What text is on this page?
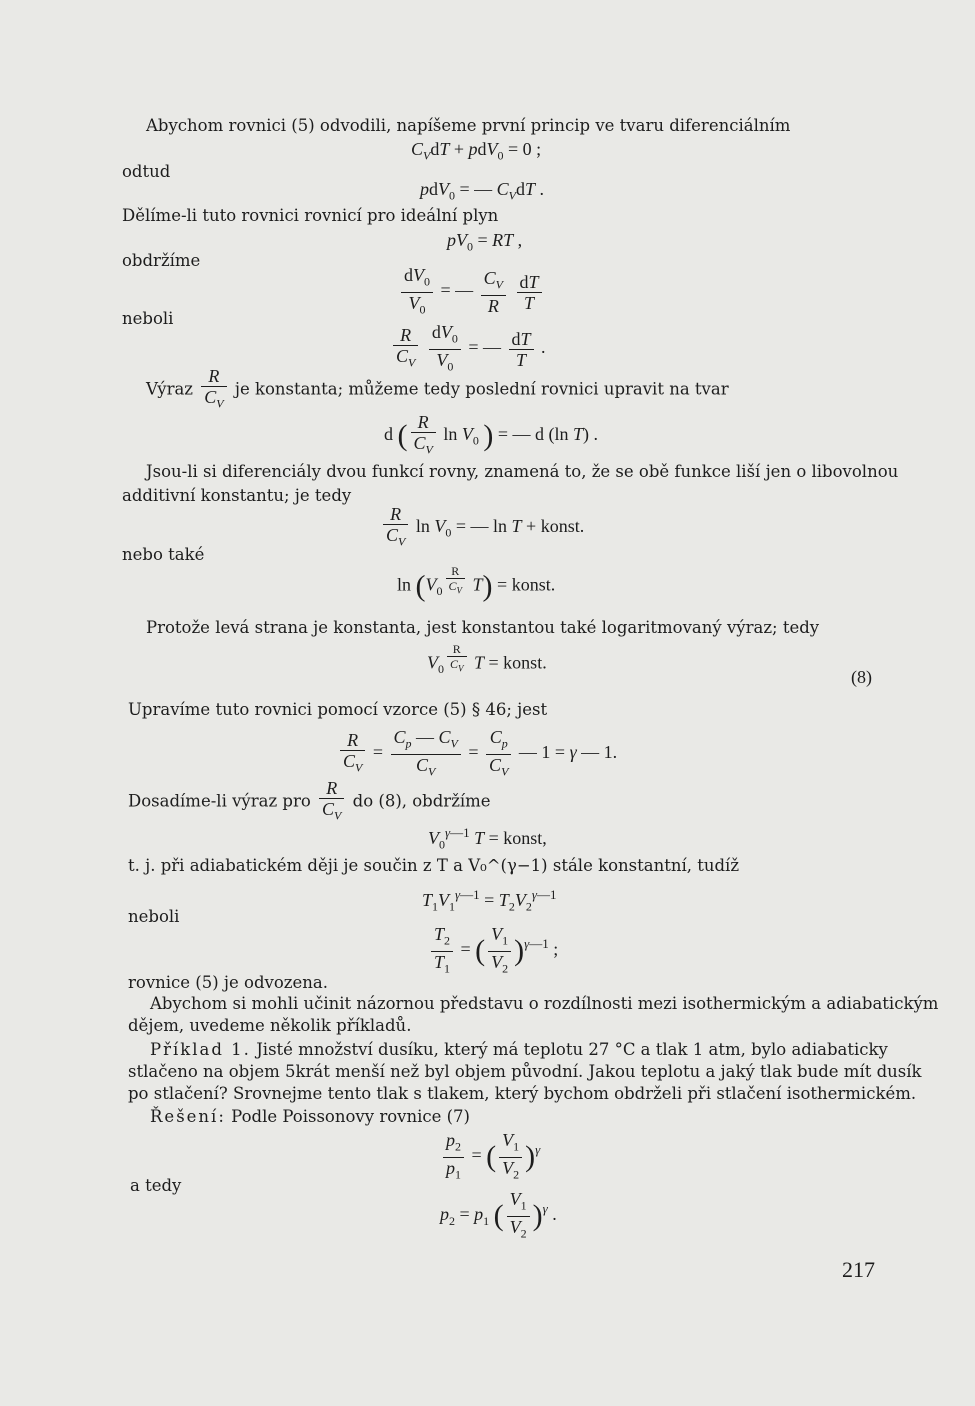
Abychom rovnici (5) odvodili, napíšeme první princip ve tvaru diferenciálním
$C_VdT + pdV_0 = 0$ ;
odtud
pdV$_0$ = — $C_VdT$ .
Dělíme-li tuto rovnici rovnicí pro ideální plyn
$pV_0$ = RT ,
obdržíme
$\frac{dV_0}{V_0}$ = — $\frac{C_V}{R}$
$\frac{dT}{T}$
neboli
$\frac{R}{C_V}$
$\frac{dV_0}{V_0}$ = — $\frac{dT}{T}$ .
Výraz $\frac{R}{C_V}$ je konstanta; můžeme tedy poslední rovnici upravit na tvar
d ( $\frac{R}{C_V}$ $\ln V_0$ ) = — d (ln T) .
Jsou-li si diferenciály dvou funkcí rovny, znamená to, že se obě funkce liší jen o libovolnou
additivní konstantu; je tedy
$\frac{R}{C_V}$ $\ln V_0$ = — ln T + konst.
nebo také
$\ln (V_0$ $^{\frac{R}{C_V}}$ T) = konst.
Protože levá strana je konstanta, jest konstantou také logaritmovaný výraz; tedy
$V_0$ $^{\frac{R}{C_V}}$ T = konst.
(8)
Upravíme tuto rovnici pomocí vzorce (5) § 46; jest
$\frac{R}{C_V} = \frac{C_p — C_V}{C_V} = \frac{C_p}{C_V}$ — 1 = γ — 1.
Dosadíme-li výraz pro $\frac{R}{C_V}$ do (8), obdržíme
$V_0^{\gamma—1}$ T = konst,
t. j. při adiabatickém ději je součin z T a V₀^(γ−1) stále konstantní, tudíž
$T_1V_1^{\gamma—1} = T_2V_2^{\gamma—1}$
neboli
$\frac{T_2}{T_1}$ = ( $\frac{V_1}{V_2} )^{\gamma—1}$ ;
rovnice (5) je odvozena.
Abychom si mohli učinit názornou představu o rozdílnosti mezi isothermickým a adiabatickým
dějem, uvedeme několik příkladů.
Příklad 1. Jisté množství dusíku, který má teplotu 27 °C a tlak 1 atm, bylo adiabaticky
stlačeno na objem 5krát menší než byl objem původní. Jakou teplotu a jaký tlak bude mít dusík
po stlačení? Srovnejme tento tlak s tlakem, který bychom obdrželi při stlačení isothermickém.
Řešení: Podle Poissonovy rovnice (7)
$\frac{p_2}{p_1}$ = ( $\frac{V_1}{V_2} )^\gamma$
a tedy
$p_2 = p_1$ ( $\frac{V_1}{V_2} )^\gamma$ .
217
